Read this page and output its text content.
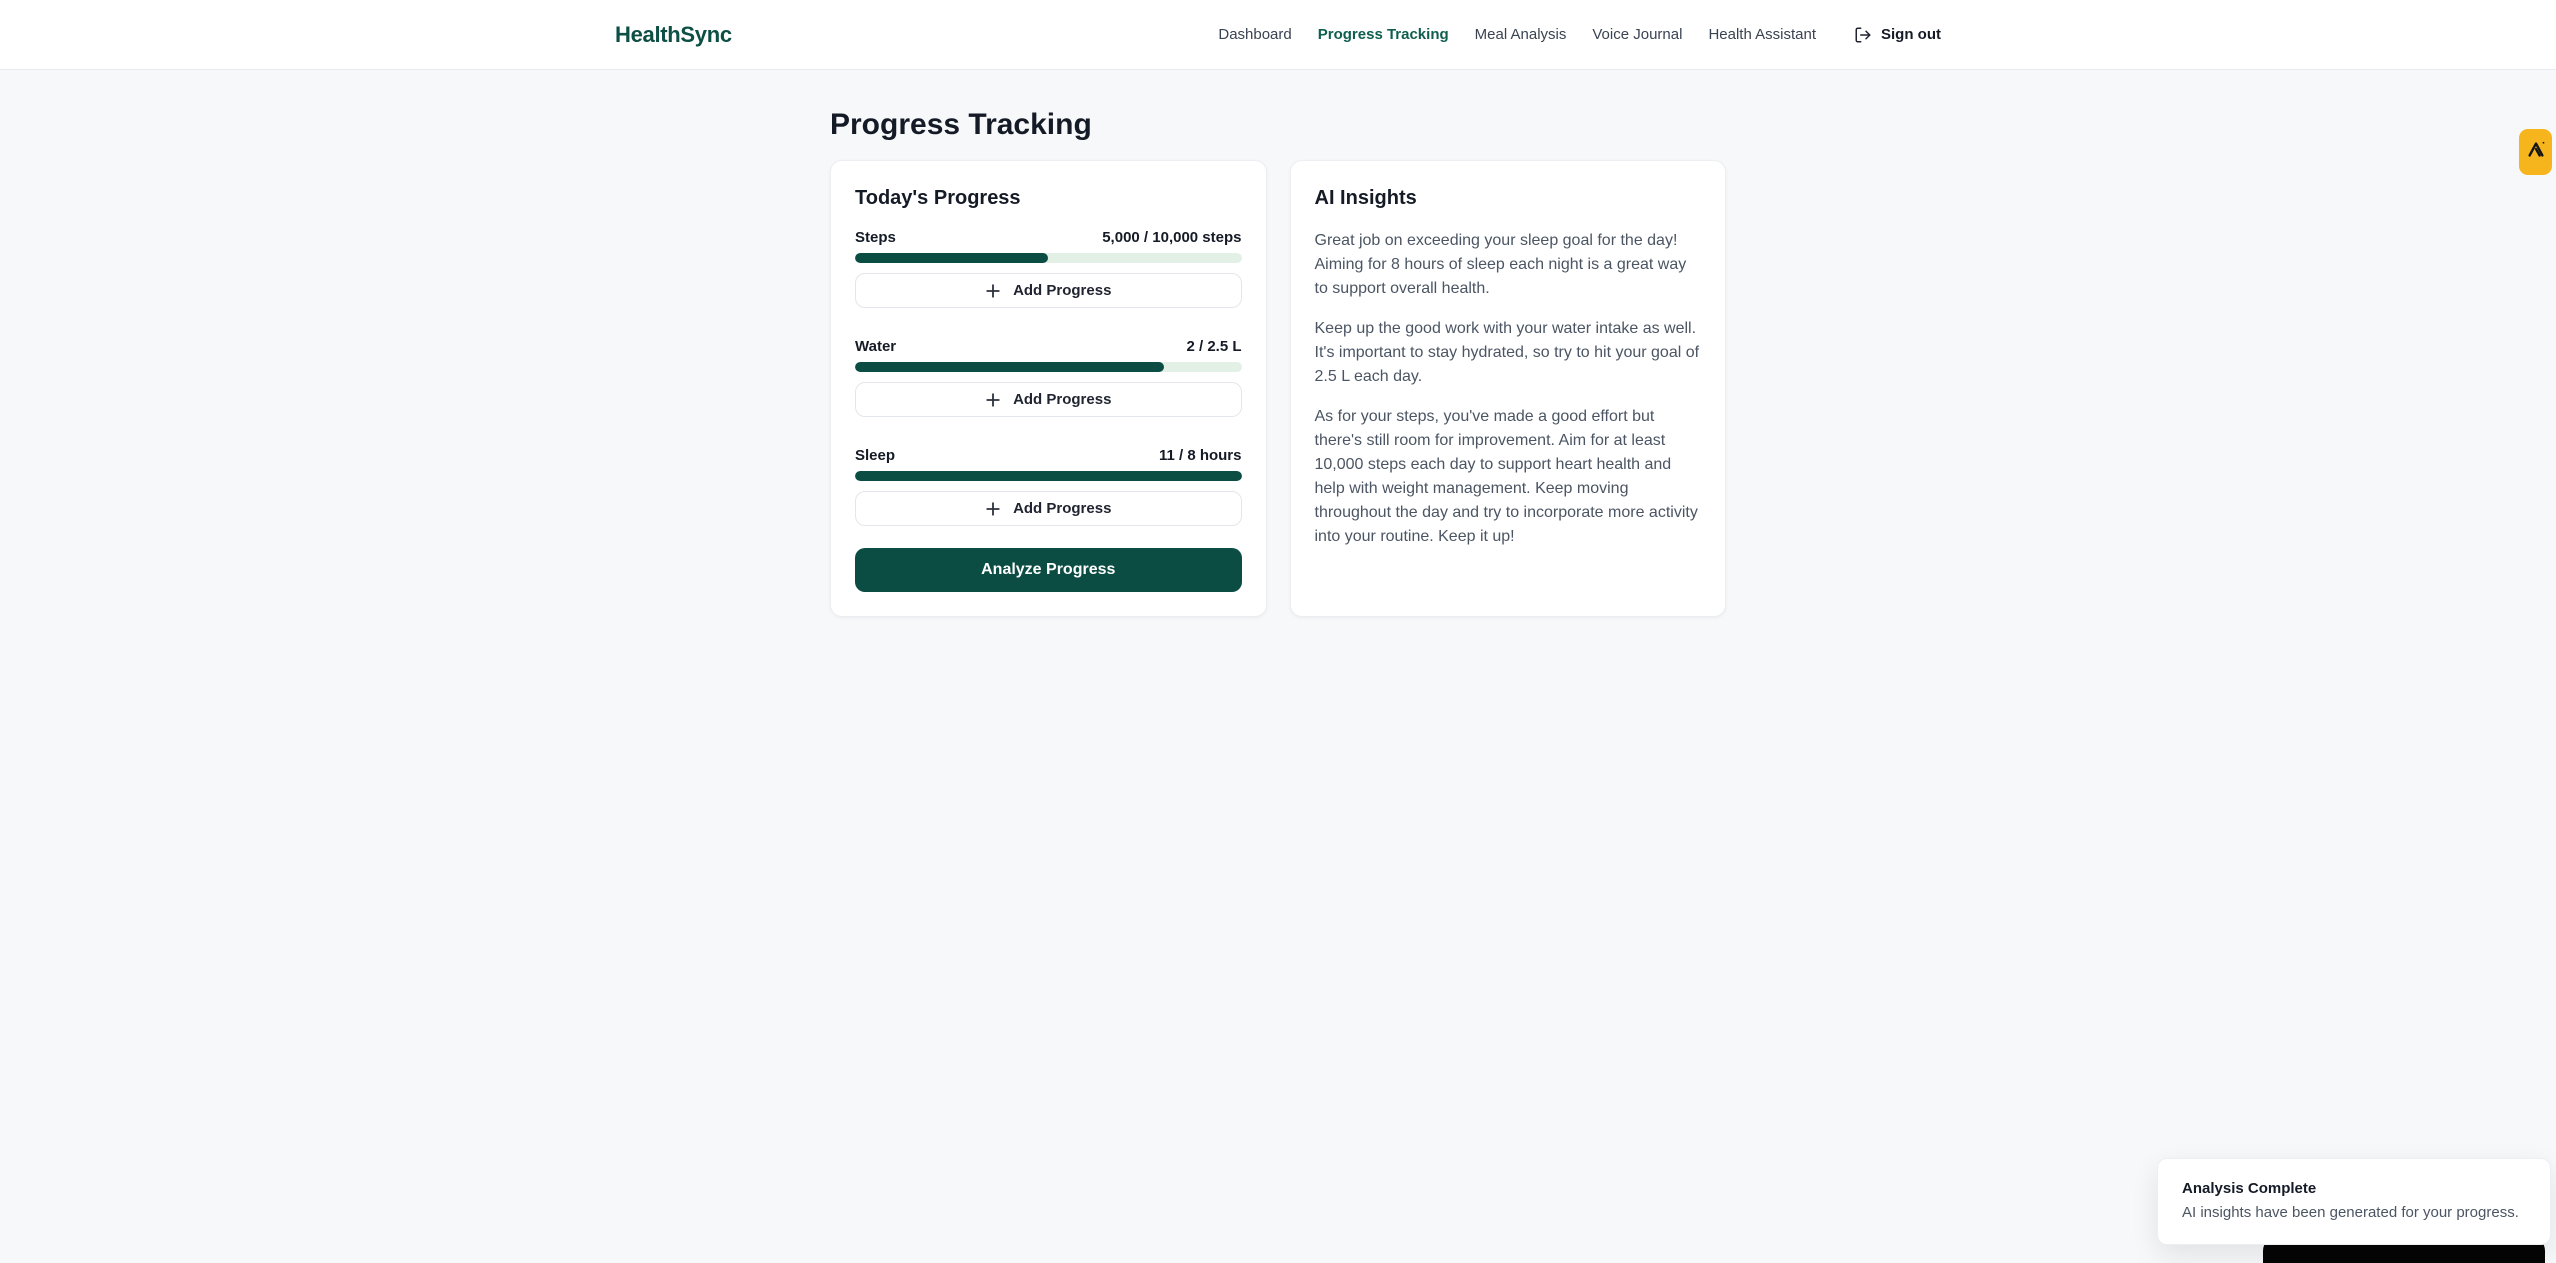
HealthSync	Dashboard Progress Tracking Meal Analysis Voice Journal Health Assistant	Sign out
Progress Tracking
Today's Progress
Steps	5,000 / 10,000 steps
Add Progress
Water	2 / 2.5 L
Add Progress
Sleep	11 / 8 hours
Add Progress
Analyze Progress
AI Insights

Great job on exceeding your sleep goal for the day! Aiming for 8 hours of sleep each night is a great way to support overall health.

Keep up the good work with your water intake as well. It's important to stay hydrated, so try to hit your goal of 2.5 L each day.

As for your steps, you've made a good effort but there's still room for improvement. Aim for at least 10,000 steps each day to support heart health and help with weight management. Keep moving throughout the day and try to incorporate more activity into your routine. Keep it up!

Analysis Complete
AI insights have been generated for your progress.
